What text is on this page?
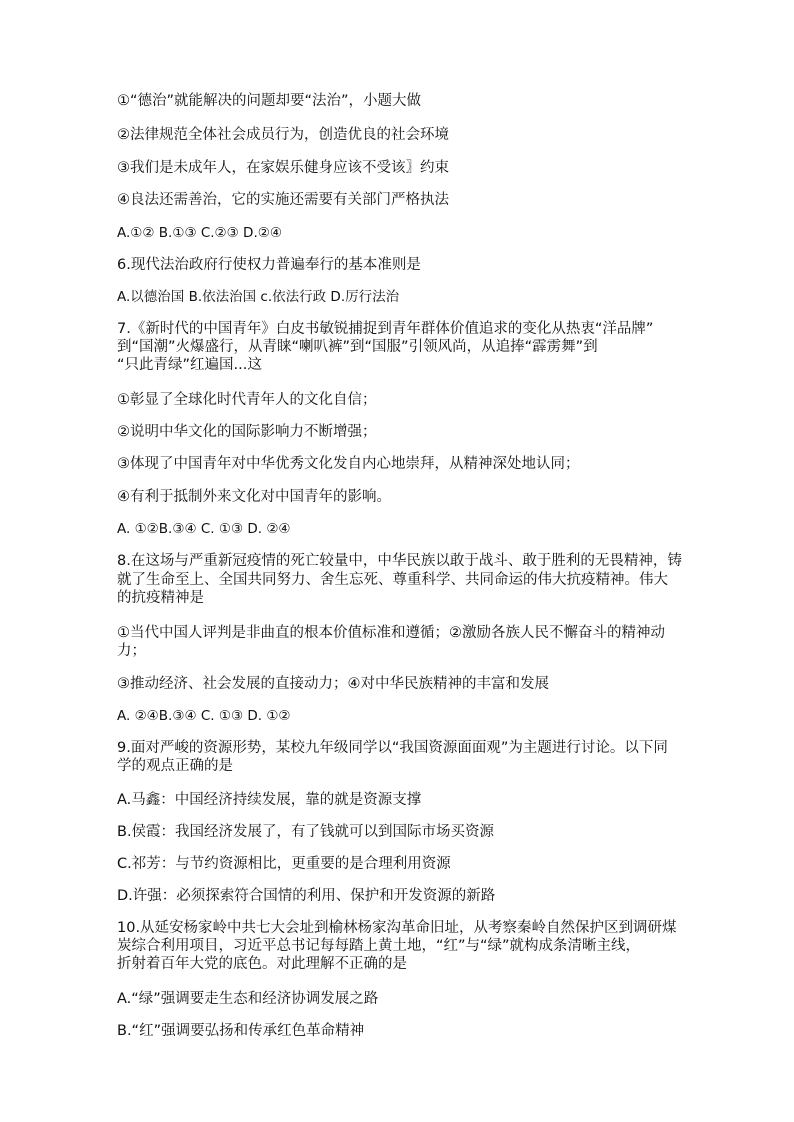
①“德治”就能解决的问题却要“法治”，小题大做
②法律规范全体社会成员行为，创造优良的社会环境
③我们是未成年人，在家娱乐健身应该不受该〗约束
④良法还需善治，它的实施还需要有关部门严格执法
A.①② B.①③ C.②③ D.②④
6.现代法治政府行使权力普遍奉行的基本准则是
A.以德治国 B.依法治国 c.依法行政 D.厉行法治
7.《新时代的中国青年》白皮书敏锐捕捉到青年群体价值追求的变化从热衷“洋品牌”
到“国潮”火爆盛行，从青睐“喇叭裤”到“国服”引领风尚，从追捧“霹雳舞”到
“只此青绿”红遍国...这
①彰显了全球化时代青年人的文化自信；
②说明中华文化的国际影响力不断增强；
③体现了中国青年对中华优秀文化发自内心地崇拜，从精神深处地认同；
④有利于抵制外来文化对中国青年的影响。
A. ①②B.③④ C. ①③ D. ②④
8.在这场与严重新冠疫情的死亡较量中，中华民族以敢于战斗、敢于胜利的无畏精神，铸
就了生命至上、全国共同努力、舍生忘死、尊重科学、共同命运的伟大抗疫精神。伟大
的抗疫精神是
①当代中国人评判是非曲直的根本价值标准和遵循；②激励各族人民不懈奋斗的精神动
力；
③推动经济、社会发展的直接动力；④对中华民族精神的丰富和发展
A. ②④B.③④ C. ①③ D. ①②
9.面对严峻的资源形势，某校九年级同学以“我国资源面面观”为主题进行讨论。以下同
学的观点正确的是
A.马鑫：中国经济持续发展，靠的就是资源支撑
B.侯霞：我国经济发展了，有了钱就可以到国际市场买资源
C.祁芳：与节约资源相比，更重要的是合理利用资源
D.许强：必须探索符合国情的利用、保护和开发资源的新路
10.从延安杨家岭中共七大会址到榆林杨家沟革命旧址，从考察秦岭自然保护区到调研煤
炭综合利用项目，习近平总书记每每踏上黄土地，“红”与“绿”就构成条清晰主线，
折射着百年大党的底色。对此理解不正确的是
A.“绿”强调要走生态和经济协调发展之路
B.“红”强调要弘扬和传承红色革命精神
